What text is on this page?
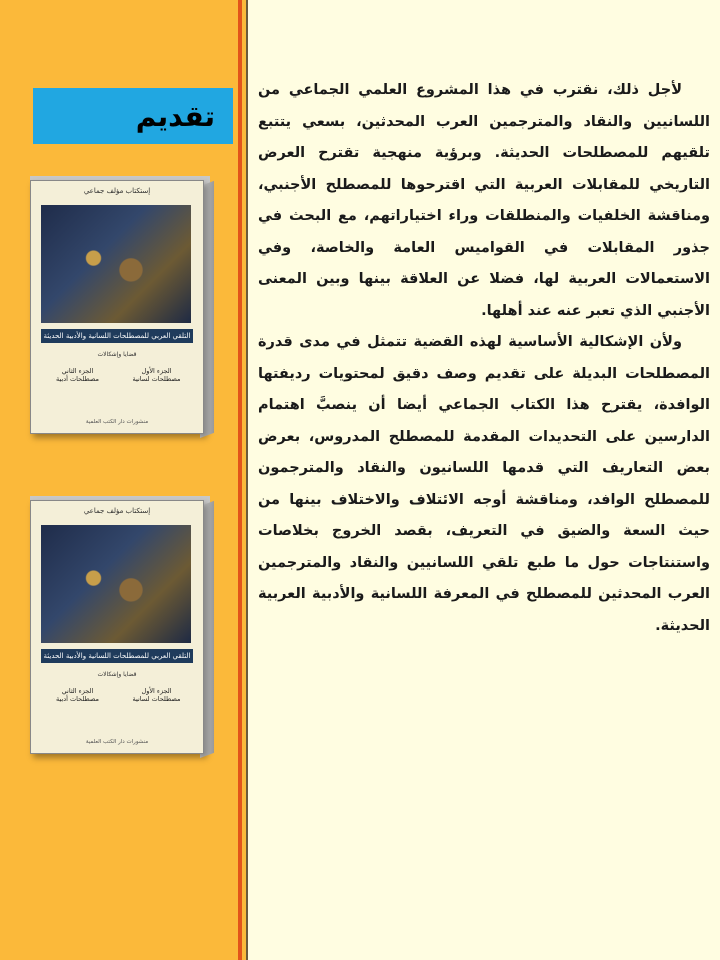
تقديم
إستكتاب مؤلف جماعي
التلقي العربي للمصطلحات اللسانية والأدبية الحديثة
قضايا وإشكالات
الجزء الأول
مصطلحات لسانية
الجزء الثاني
مصطلحات أدبية
منشورات دار الكتب العلمية
إستكتاب مؤلف جماعي
التلقي العربي للمصطلحات اللسانية والأدبية الحديثة
قضايا وإشكالات
الجزء الأول
مصطلحات لسانية
الجزء الثاني
مصطلحات أدبية
منشورات دار الكتب العلمية

لأجل ذلك، نقترب في هذا المشروع العلمي الجماعي من اللسانيين والنقاد والمترجمين العرب المحدثين، بسعي يتتبع تلقيهم للمصطلحات الحديثة. وبرؤية منهجية تقترح العرض التاريخي للمقابلات العربية التي اقترحوها للمصطلح الأجنبي، ومناقشة الخلفيات والمنطلقات وراء اختياراتهم، مع البحث في جذور المقابلات في القواميس العامة والخاصة، وفي الاستعمالات العربية لها، فضلا عن العلاقة بينها وبين المعنى الأجنبي الذي تعبر عنه عند أهلها.

ولأن الإشكالية الأساسية لهذه القضية تتمثل في مدى قدرة المصطلحات البديلة على تقديم وصف دقيق لمحتويات رديفتها الوافدة، يقترح هذا الكتاب الجماعي أيضا أن ينصبَّ اهتمام الدارسين على التحديدات المقدمة للمصطلح المدروس، بعرض بعض التعاريف التي قدمها اللسانيون والنقاد والمترجمون للمصطلح الوافد، ومناقشة أوجه الائتلاف والاختلاف بينها من حيث السعة والضيق في التعريف، بقصد الخروج بخلاصات واستنتاجات حول ما طبع تلقي اللسانيين والنقاد والمترجمين العرب المحدثين للمصطلح في المعرفة اللسانية والأدبية العربية الحديثة.
